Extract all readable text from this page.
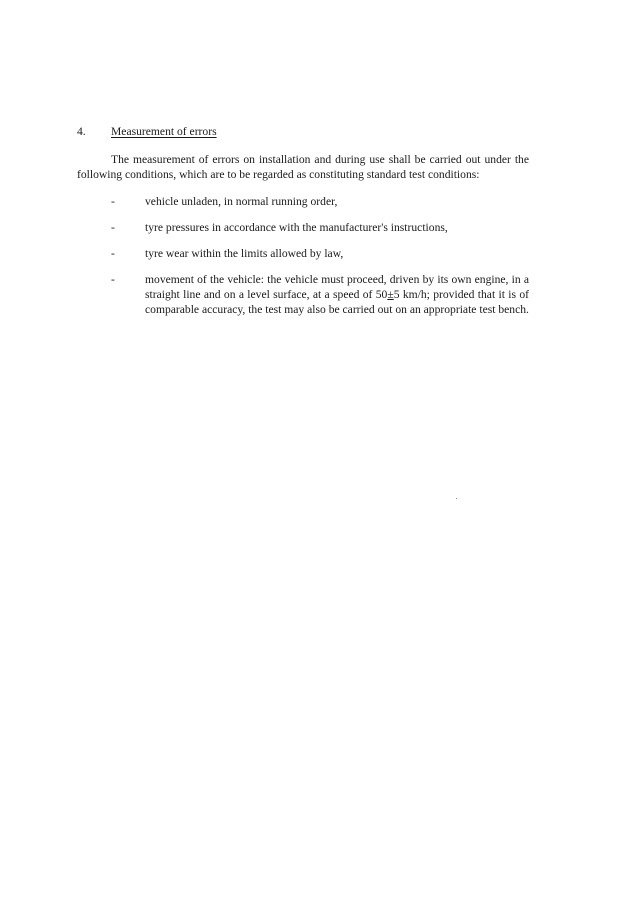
4.	Measurement of errors

The measurement of errors on installation and during use shall be carried out under the following conditions, which are to be regarded as constituting standard test conditions:

-	vehicle unladen, in normal running order,
-	tyre pressures in accordance with the manufacturer's instructions,
-	tyre wear within the limits allowed by law,
-	movement of the vehicle: the vehicle must proceed, driven by its own engine, in a straight line and on a level surface, at a speed of 50±5 km/h; provided that it is of comparable accuracy, the test may also be carried out on an appropriate test bench.
